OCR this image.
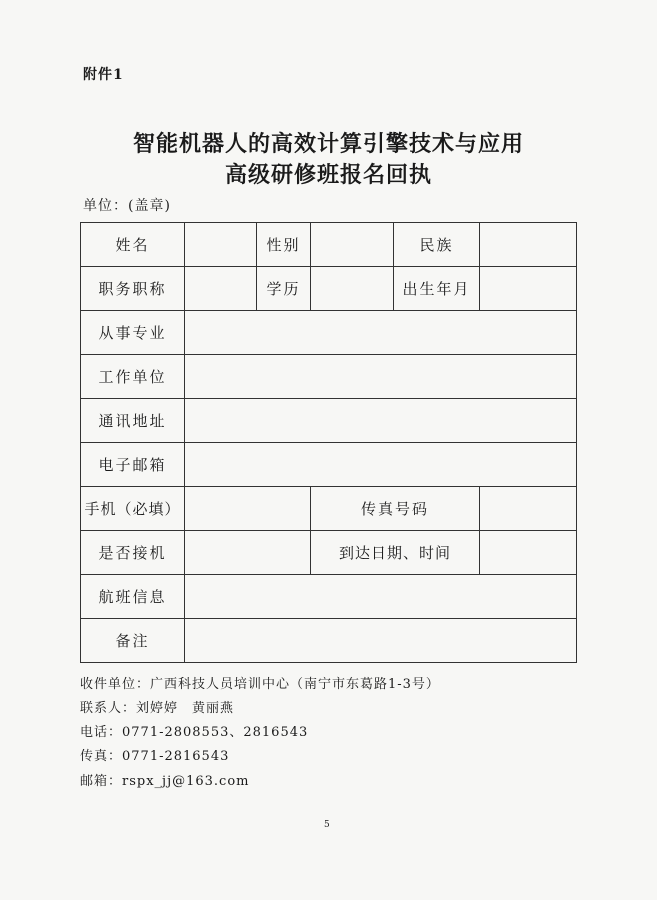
附件1
智能机器人的高效计算引擎技术与应用
高级研修班报名回执
单位：(盖章)
姓名		性别		民族	
职务职称		学历		出生年月	
从事专业					
工作单位					
通讯地址					
电子邮箱					
手机（必填）			传真号码		
是否接机			到达日期、时间		
航班信息					
备注					
收件单位：广西科技人员培训中心（南宁市东葛路1-3号）
联系人：刘婷婷　黄丽燕
电话：0771-2808553、2816543
传真：0771-2816543
邮箱：rspx_jj@163.com
5
